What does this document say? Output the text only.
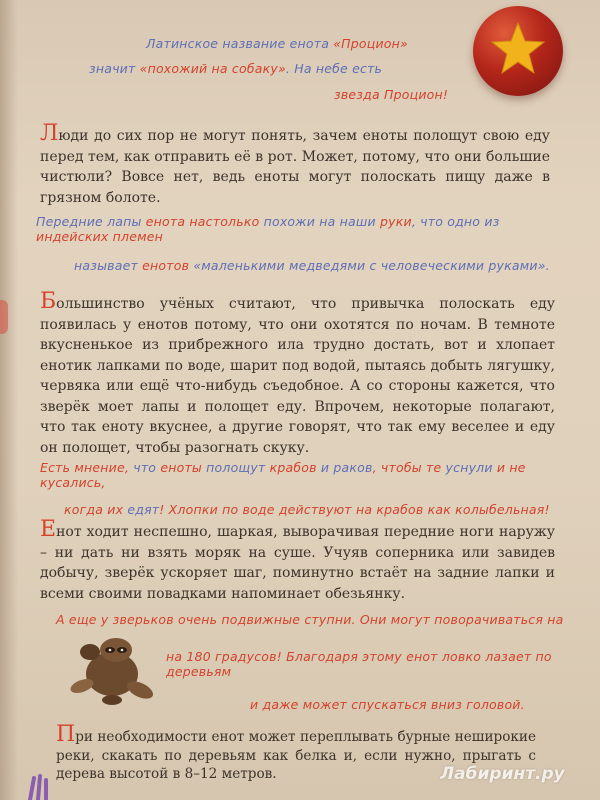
Латинское название енота «Процион»
значит «похожий на собаку». На небе есть
звезда Процион!
Люди до сих пор не могут понять, зачем еноты полощут свою еду перед тем, как отправить её в рот. Может, потому, что они большие чистюли? Вовсе нет, ведь еноты могут полоскать пищу даже в грязном болоте.
Передние лапы енота настолько похожи на наши руки, что одно из индейских племен
называет енотов «маленькими медведями с человеческими руками».
Большинство учёных считают, что привычка полоскать еду появилась у енотов потому, что они охотятся по ночам. В темноте вкусненькое из прибрежного ила трудно достать, вот и хлопает енотик лапками по воде, шарит под водой, пытаясь добыть лягушку, червяка или ещё что-нибудь съедобное. А со стороны кажется, что зверёк моет лапы и полощет еду. Впрочем, некоторые полагают, что так еноту вкуснее, а другие говорят, что так ему веселее и еду он полощет, чтобы разогнать скуку.
Есть мнение, что еноты полощут крабов и раков, чтобы те уснули и не кусались,
когда их едят! Хлопки по воде действуют на крабов как колыбельная!
Енот ходит неспешно, шаркая, выворачивая передние ноги наружу – ни дать ни взять моряк на суше. Учуяв соперника или завидев добычу, зверёк ускоряет шаг, поминутно встаёт на задние лапки и всеми своими повадками напоминает обезьянку.
А еще у зверьков очень подвижные ступни. Они могут поворачиваться на
на 180 градусов! Благодаря этому енот ловко лазает по деревьям
и даже может спускаться вниз головой.
При необходимости енот может переплывать бурные неширокие реки, скакать по деревьям как белка и, если нужно, прыгать с дерева высотой в 8–12 метров.	Лабиринт.ру
